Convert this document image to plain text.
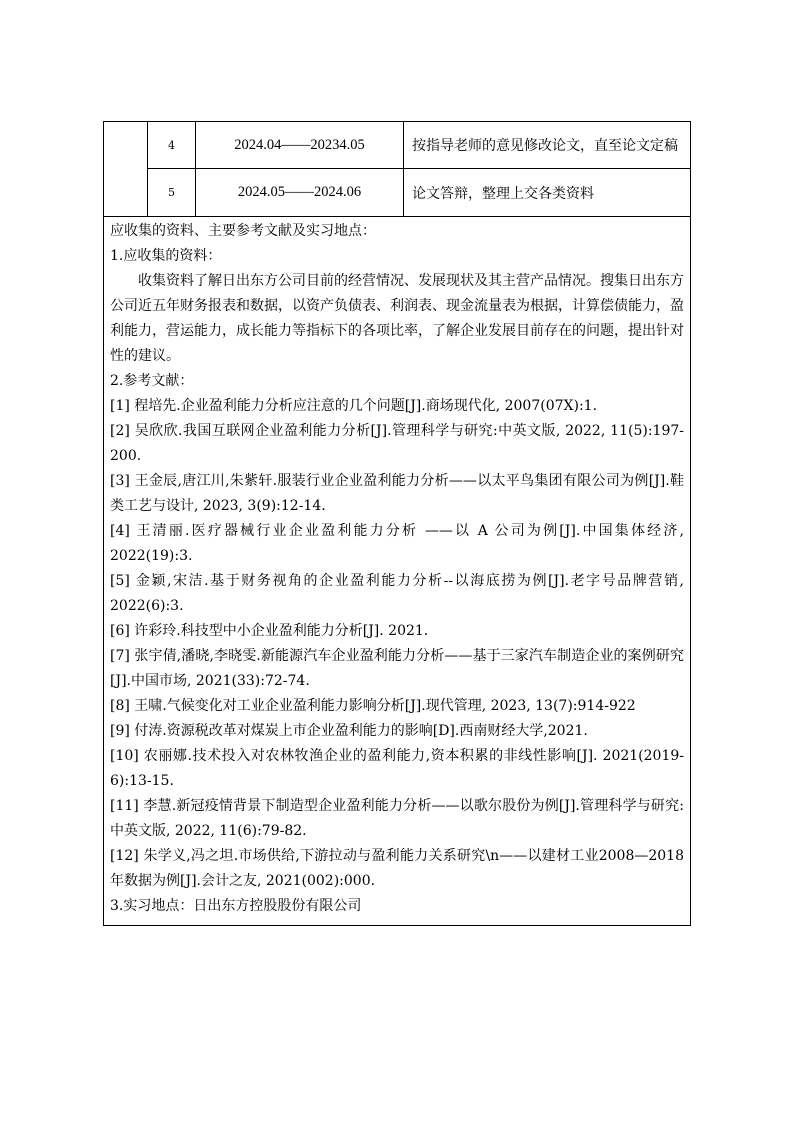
4	2024.04——20234.05	按指导老师的意见修改论文，直至论文定稿
5	2024.05——2024.06	论文答辩，整理上交各类资料

应收集的资料、主要参考文献及实习地点：

1.应收集的资料：

收集资料了解日出东方公司目前的经营情况、发展现状及其主营产品情况。搜集日出东方公司近五年财务报表和数据，以资产负债表、利润表、现金流量表为根据，计算偿债能力，盈利能力，营运能力，成长能力等指标下的各项比率，了解企业发展目前存在的问题，提出针对性的建议。

2.参考文献：

[1] 程培先.企业盈利能力分析应注意的几个问题[J].商场现代化, 2007(07X):1.

[2] 吴欣欣.我国互联网企业盈利能力分析[J].管理科学与研究:中英文版, 2022, 11(5):197-200.

[3] 王金辰,唐江川,朱紫轩.服装行业企业盈利能力分析——以太平鸟集团有限公司为例[J].鞋类工艺与设计, 2023, 3(9):12-14.

[4] 王清丽.医疗器械行业企业盈利能力分析 ——以 A 公司为例[J].中国集体经济, 2022(19):3.

[5] 金颖,宋洁.基于财务视角的企业盈利能力分析--以海底捞为例[J].老字号品牌营销, 2022(6):3.

[6] 许彩玲.科技型中小企业盈利能力分析[J]. 2021.

[7] 张宇倩,潘晓,李晓雯.新能源汽车企业盈利能力分析——基于三家汽车制造企业的案例研究[J].中国市场, 2021(33):72-74.

[8] 王啸.气候变化对工业企业盈利能力影响分析[J].现代管理, 2023, 13(7):914-922

[9] 付涛.资源税改革对煤炭上市企业盈利能力的影响[D].西南财经大学,2021.

[10] 农丽娜.技术投入对农林牧渔企业的盈利能力,资本积累的非线性影响[J]. 2021(2019-6):13-15.

[11] 李慧.新冠疫情背景下制造型企业盈利能力分析——以歌尔股份为例[J].管理科学与研究:中英文版, 2022, 11(6):79-82.

[12] 朱学义,冯之坦.市场供给,下游拉动与盈利能力关系研究\n——以建材工业2008—2018 年数据为例[J].会计之友, 2021(002):000.

3.实习地点：日出东方控股股份有限公司
